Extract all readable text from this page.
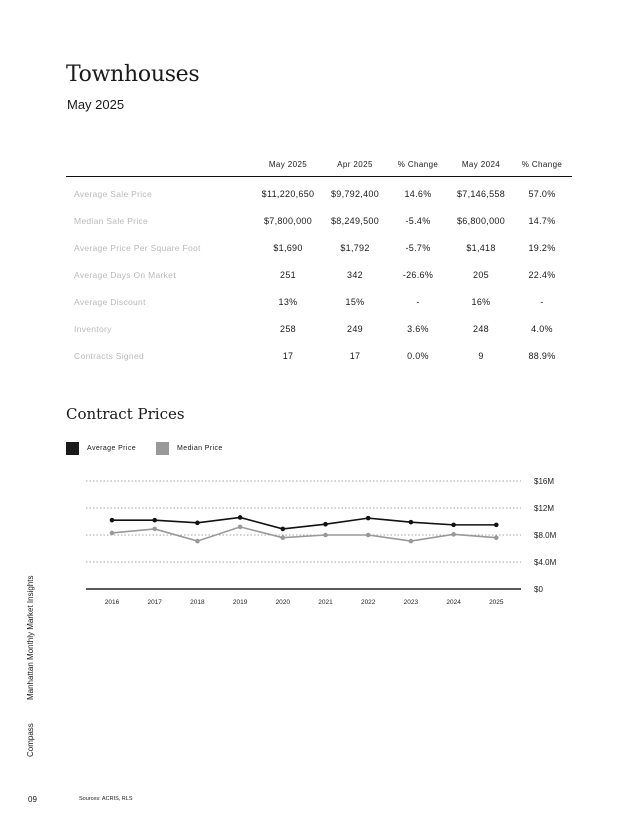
Townhouses
May 2025
	May 2025	Apr 2025	% Change	May 2024	% Change
Average Sale Price	$11,220,650	$9,792,400	14.6%	$7,146,558	57.0%
Median Sale Price	$7,800,000	$8,249,500	-5.4%	$6,800,000	14.7%
Average Price Per Square Foot	$1,690	$1,792	-5.7%	$1,418	19.2%
Average Days On Market	251	342	-26.6%	205	22.4%
Average Discount	13%	15%	-	16%	-
Inventory	258	249	3.6%	248	4.0%
Contracts Signed	17	17	0.0%	9	88.9%
Contract Prices
Average Price	Median Price
$0
$4.0M
$8.0M
$12M
$16M
2016	2017	2018	2019	2020	2021	2022	2023	2024	2025
Manhattan Monthly Market Insights
Compass
09	Sources: ACRIS, RLS
